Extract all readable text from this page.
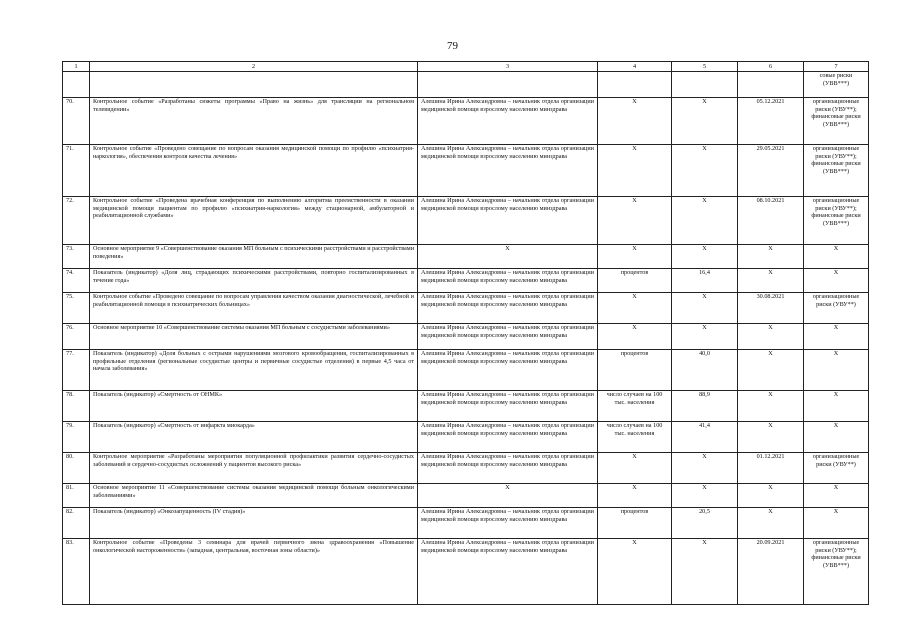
79
1	2	3	4	5	6	7
						совые риски (УВВ***)
70.	Контрольное событие «Разработаны сюжеты программы «Право на жизнь» для трансляции на региональном телевидении»	Алешина Ирина Александровна – начальник отдела организации медицинской помощи взрослому населению минздрава	Х	Х	05.12.2021	организационные риски (УВУ**); финансовые риски (УВВ***)
71.	Контрольное событие «Проведено совещание по вопросам оказания медицинской помощи по профилю «психиатрия-наркология», обеспечения контроля качества лечения»	Алешина Ирина Александровна – начальник отдела организации медицинской помощи взрослому населению минздрава	Х	Х	29.05.2021	организационные риски (УВУ**); финансовые риски (УВВ***)
72.	Контрольное событие «Проведена врачебная конференция по выполнению алгоритма преемственности в оказании медицинской помощи пациентам по профилю «психиатрия-наркология» между стационарной, амбулаторной и реабилитационной службами»	Алешина Ирина Александровна – начальник отдела организации медицинской помощи взрослому населению минздрава	Х	Х	08.10.2021	организационные риски (УВУ**); финансовые риски (УВВ***)
73.	Основное мероприятие 9 «Совершенствование оказания МП больным с психическими расстройствами и расстройствами поведения»	Х	Х	Х	Х	Х
74.	Показатель (индикатор) «Доля лиц, страдающих психическими расстройствами, повторно госпитализированных в течение года»	Алешина Ирина Александровна – начальник отдела организации медицинской помощи взрослому населению минздрава	процентов	16,4	Х	Х
75.	Контрольное событие «Проведено совещание по вопросам управления качеством оказания диагностической, лечебной и реабилитационной помощи в психиатрических больницах»	Алешина Ирина Александровна – начальник отдела организации медицинской помощи взрослому населению минздрава	Х	Х	30.08.2021	организационные риски (УВУ**)
76.	Основное мероприятие 10 «Совершенствование системы оказания МП больным с сосудистыми заболеваниями»	Алешина Ирина Александровна – начальник отдела организации медицинской помощи взрослому населению минздрава	Х	Х	Х	Х
77.	Показатель (индикатор) «Доля больных с острыми нарушениями мозгового кровообращения, госпитализированных в профильные отделения (региональные сосудистые центры и первичные сосудистые отделения) в первые 4,5 часа от начала заболевания»	Алешина Ирина Александровна – начальник отдела организации медицинской помощи взрослому населению минздрава	процентов	40,0	Х	Х
78.	Показатель (индикатор) «Смертность от ОНМК»	Алешина Ирина Александровна – начальник отдела организации медицинской помощи взрослому населению минздрава	число случаев на 100 тыс. населения	88,9	Х	Х
79.	Показатель (индикатор) «Смертность от инфаркта миокарда»	Алешина Ирина Александровна – начальник отдела организации медицинской помощи взрослому населению минздрава	число случаев на 100 тыс. населения	41,4	Х	Х
80.	Контрольное мероприятие «Разработаны мероприятия популяционной профилактики развития сердечно-сосудистых заболеваний и сердечно-сосудистых осложнений у пациентов высокого риска»	Алешина Ирина Александровна – начальник отдела организации медицинской помощи взрослому населению минздрава	Х	Х	01.12.2021	организационные риски (УВУ**)
81.	Основное мероприятие 11 «Совершенствование системы оказания медицинской помощи больным онкологическими заболеваниями»	Х	Х	Х	Х	Х
82.	Показатель (индикатор) «Онкозапущенность (IV стадия)»	Алешина Ирина Александровна – начальник отдела организации медицинской помощи взрослому населению минздрава	процентов	20,5	Х	Х
83.	Контрольное событие «Проведены 3 семинара для врачей первичного звена здравоохранения «Повышение онкологической настороженности» (западная, центральная, восточная зоны области)»	Алешина Ирина Александровна – начальник отдела организации медицинской помощи взрослому населению минздрава	Х	Х	20.09.2021	организационные риски (УВУ**); финансовые риски (УВВ***)
